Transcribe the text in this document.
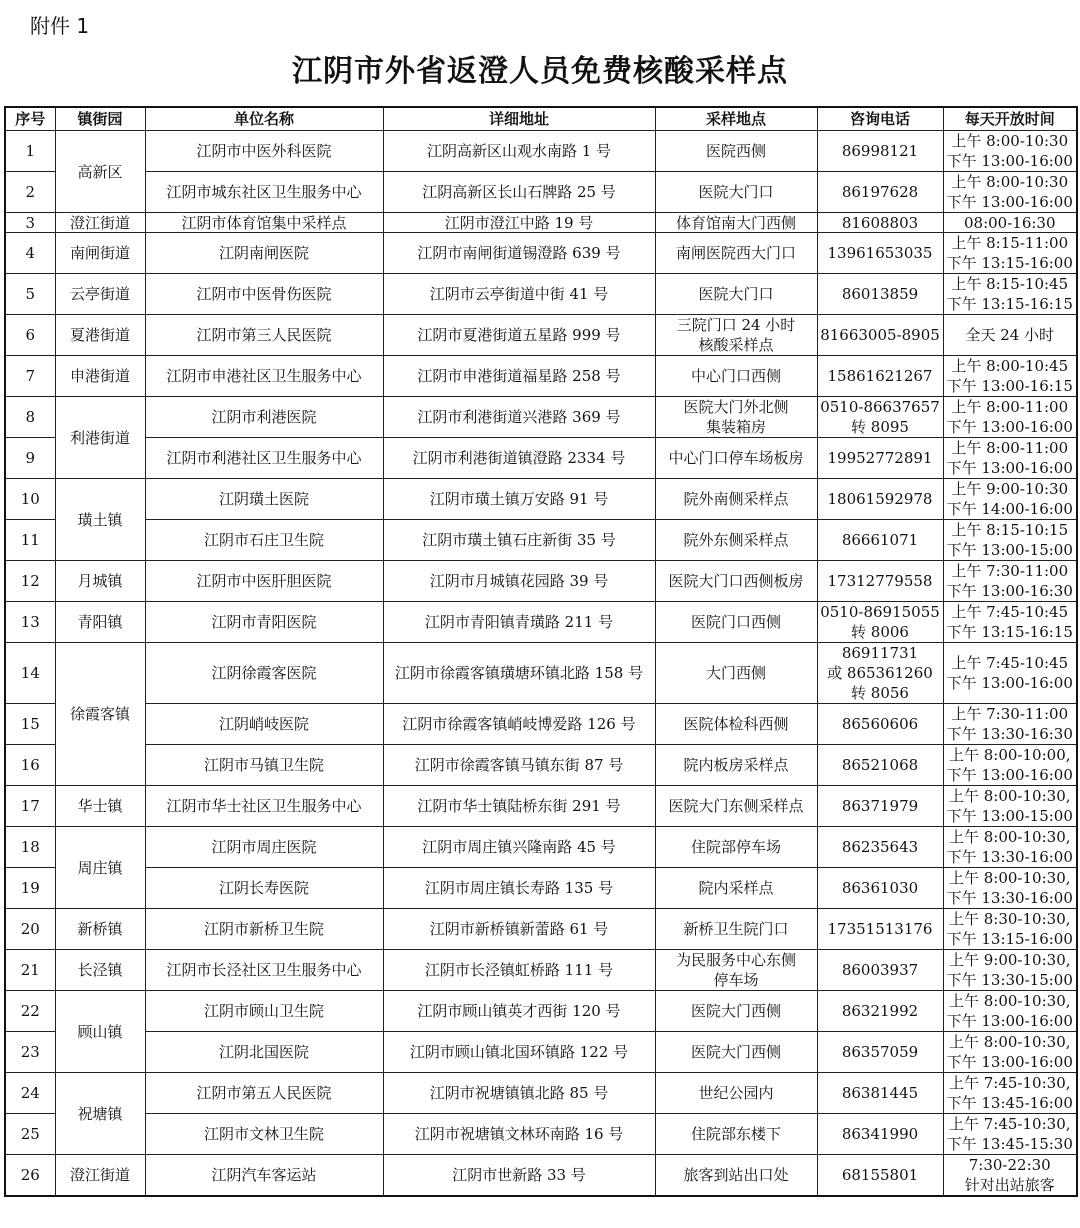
附件 1
江阴市外省返澄人员免费核酸采样点
序号	镇街园	单位名称	详细地址	采样地点	咨询电话	每天开放时间
1	高新区	江阴市中医外科医院	江阴高新区山观水南路 1 号	医院西侧	86998121	上午 8:00-10:30
下午 13:00-16:00

2		江阴市城东社区卫生服务中心	江阴高新区长山石牌路 25 号	医院大门口	86197628	上午 8:00-10:30
下午 13:00-16:00

3	澄江街道	江阴市体育馆集中采样点	江阴市澄江中路 19 号	体育馆南大门西侧	81608803	08:00-16:30

4	南闸街道	江阴南闸医院	江阴市南闸街道锡澄路 639 号	南闸医院西大门口	13961653035	上午 8:15-11:00
下午 13:15-16:00

5	云亭街道	江阴市中医骨伤医院	江阴市云亭街道中街 41 号	医院大门口	86013859	上午 8:15-10:45
下午 13:15-16:15

6	夏港街道	江阴市第三人民医院	江阴市夏港街道五星路 999 号	三院门口 24 小时
核酸采样点	81663005-8905	全天 24 小时

7	申港街道	江阴市申港社区卫生服务中心	江阴市申港街道福星路 258 号	中心门口西侧	15861621267	上午 8:00-10:45
下午 13:00-16:15

8	利港街道	江阴市利港医院	江阴市利港街道兴港路 369 号	医院大门外北侧
集装箱房	0510-86637657
转 8095	上午 8:00-11:00
下午 13:00-16:00

9		江阴市利港社区卫生服务中心	江阴市利港街道镇澄路 2334 号	中心门口停车场板房	19952772891	上午 8:00-11:00
下午 13:00-16:00

10	璜土镇	江阴璜土医院	江阴市璜土镇万安路 91 号	院外南侧采样点	18061592978	上午 9:00-10:30
下午 14:00-16:00

11		江阴市石庄卫生院	江阴市璜土镇石庄新街 35 号	院外东侧采样点	86661071	上午 8:15-10:15
下午 13:00-15:00

12	月城镇	江阴市中医肝胆医院	江阴市月城镇花园路 39 号	医院大门口西侧板房	17312779558	上午 7:30-11:00
下午 13:00-16:30

13	青阳镇	江阴市青阳医院	江阴市青阳镇青璜路 211 号	医院门口西侧	0510-86915055
转 8006	上午 7:45-10:45
下午 13:15-16:15

14	徐霞客镇	江阴徐霞客医院	江阴市徐霞客镇璜塘环镇北路 158 号	大门西侧	86911731
或 865361260
转 8056	上午 7:45-10:45
下午 13:00-16:00

15		江阴峭岐医院	江阴市徐霞客镇峭岐博爱路 126 号	医院体检科西侧	86560606	上午 7:30-11:00
下午 13:30-16:30

16		江阴市马镇卫生院	江阴市徐霞客镇马镇东街 87 号	院内板房采样点	86521068	上午 8:00-10:00,
下午 13:00-16:00

17	华士镇	江阴市华士社区卫生服务中心	江阴市华士镇陆桥东街 291 号	医院大门东侧采样点	86371979	上午 8:00-10:30,
下午 13:00-15:00

18	周庄镇	江阴市周庄医院	江阴市周庄镇兴隆南路 45 号	住院部停车场	86235643	上午 8:00-10:30,
下午 13:30-16:00

19		江阴长寿医院	江阴市周庄镇长寿路 135 号	院内采样点	86361030	上午 8:00-10:30,
下午 13:30-16:00

20	新桥镇	江阴市新桥卫生院	江阴市新桥镇新蕾路 61 号	新桥卫生院门口	17351513176	上午 8:30-10:30,
下午 13:15-16:00

21	长泾镇	江阴市长泾社区卫生服务中心	江阴市长泾镇虹桥路 111 号	为民服务中心东侧
停车场	86003937	上午 9:00-10:30,
下午 13:30-15:00

22	顾山镇	江阴市顾山卫生院	江阴市顾山镇英才西街 120 号	医院大门西侧	86321992	上午 8:00-10:30,
下午 13:00-16:00

23		江阴北国医院	江阴市顾山镇北国环镇路 122 号	医院大门西侧	86357059	上午 8:00-10:30,
下午 13:00-16:00

24	祝塘镇	江阴市第五人民医院	江阴市祝塘镇镇北路 85 号	世纪公园内	86381445	上午 7:45-10:30,
下午 13:45-16:00

25		江阴市文林卫生院	江阴市祝塘镇文林环南路 16 号	住院部东楼下	86341990	上午 7:45-10:30,
下午 13:45-15:30

26	澄江街道	江阴汽车客运站	江阴市世新路 33 号	旅客到站出口处	68155801	7:30-22:30
针对出站旅客
